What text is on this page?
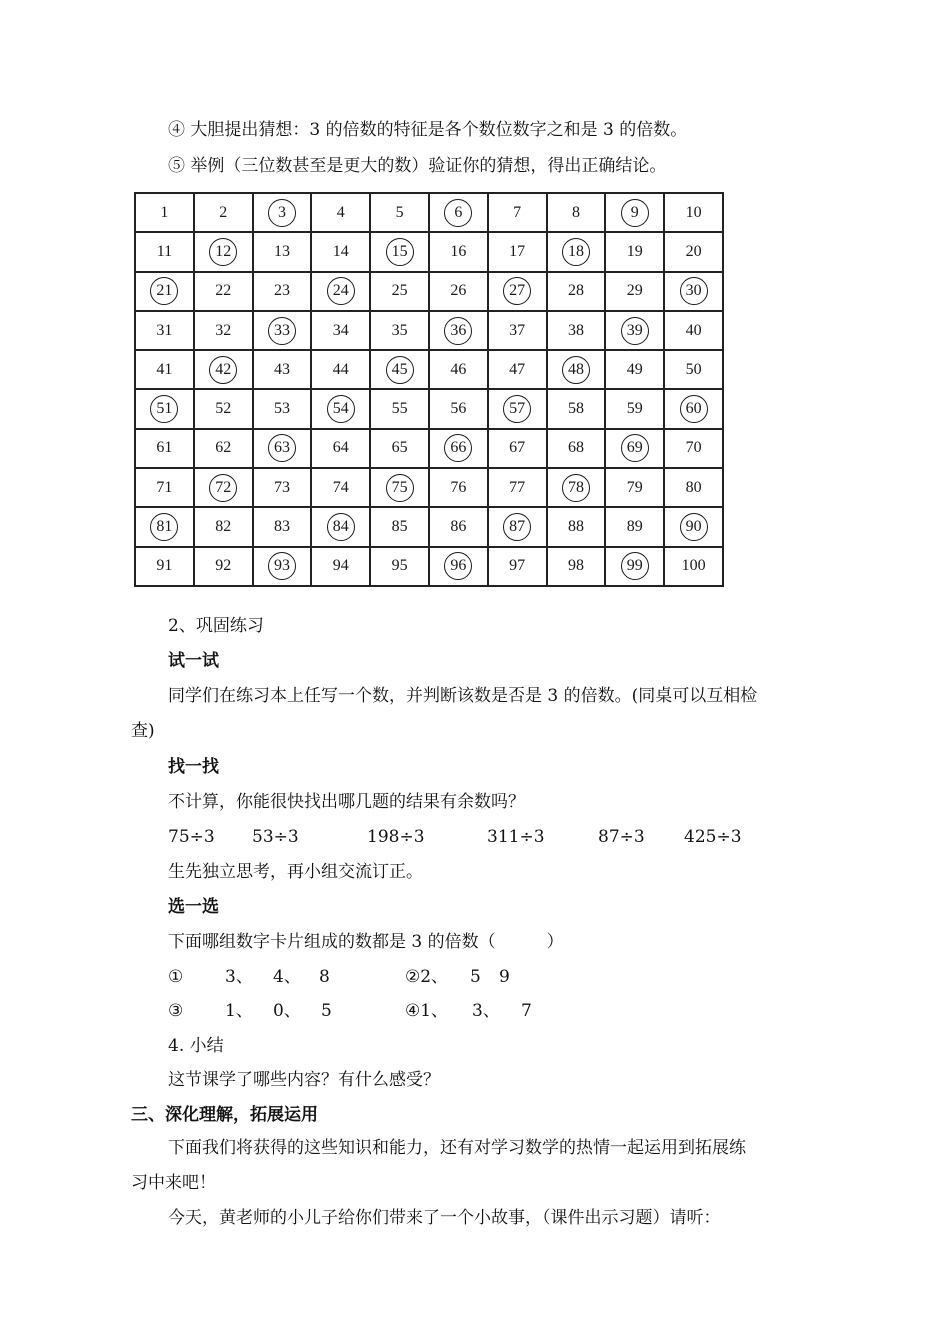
④ 大胆提出猜想：3 的倍数的特征是各个数位数字之和是 3 的倍数。
⑤ 举例（三位数甚至是更大的数）验证你的猜想，得出正确结论。
1	2	3	4	5	6	7	8	9	10
11	12	13	14	15	16	17	18	19	20
21	22	23	24	25	26	27	28	29	30
31	32	33	34	35	36	37	38	39	40
41	42	43	44	45	46	47	48	49	50
51	52	53	54	55	56	57	58	59	60
61	62	63	64	65	66	67	68	69	70
71	72	73	74	75	76	77	78	79	80
81	82	83	84	85	86	87	88	89	90
91	92	93	94	95	96	97	98	99	100
2、巩固练习
试一试
同学们在练习本上任写一个数，并判断该数是否是 3 的倍数。(同桌可以互相检
查)
找一找
不计算，你能很快找出哪几题的结果有余数吗？
75÷3 53÷3	198÷3	311÷3	87÷3 425÷3
生先独立思考，再小组交流订正。
选一选
下面哪组数字卡片组成的数都是 3 的倍数（　　　）
① 3、 4、 8	②2、 5 9
③ 1、 0、 5	④1、 3、 7
4. 小结
这节课学了哪些内容？有什么感受？
三、深化理解，拓展运用
下面我们将获得的这些知识和能力，还有对学习数学的热情一起运用到拓展练
习中来吧！
今天，黄老师的小儿子给你们带来了一个小故事，（课件出示习题）请听：
